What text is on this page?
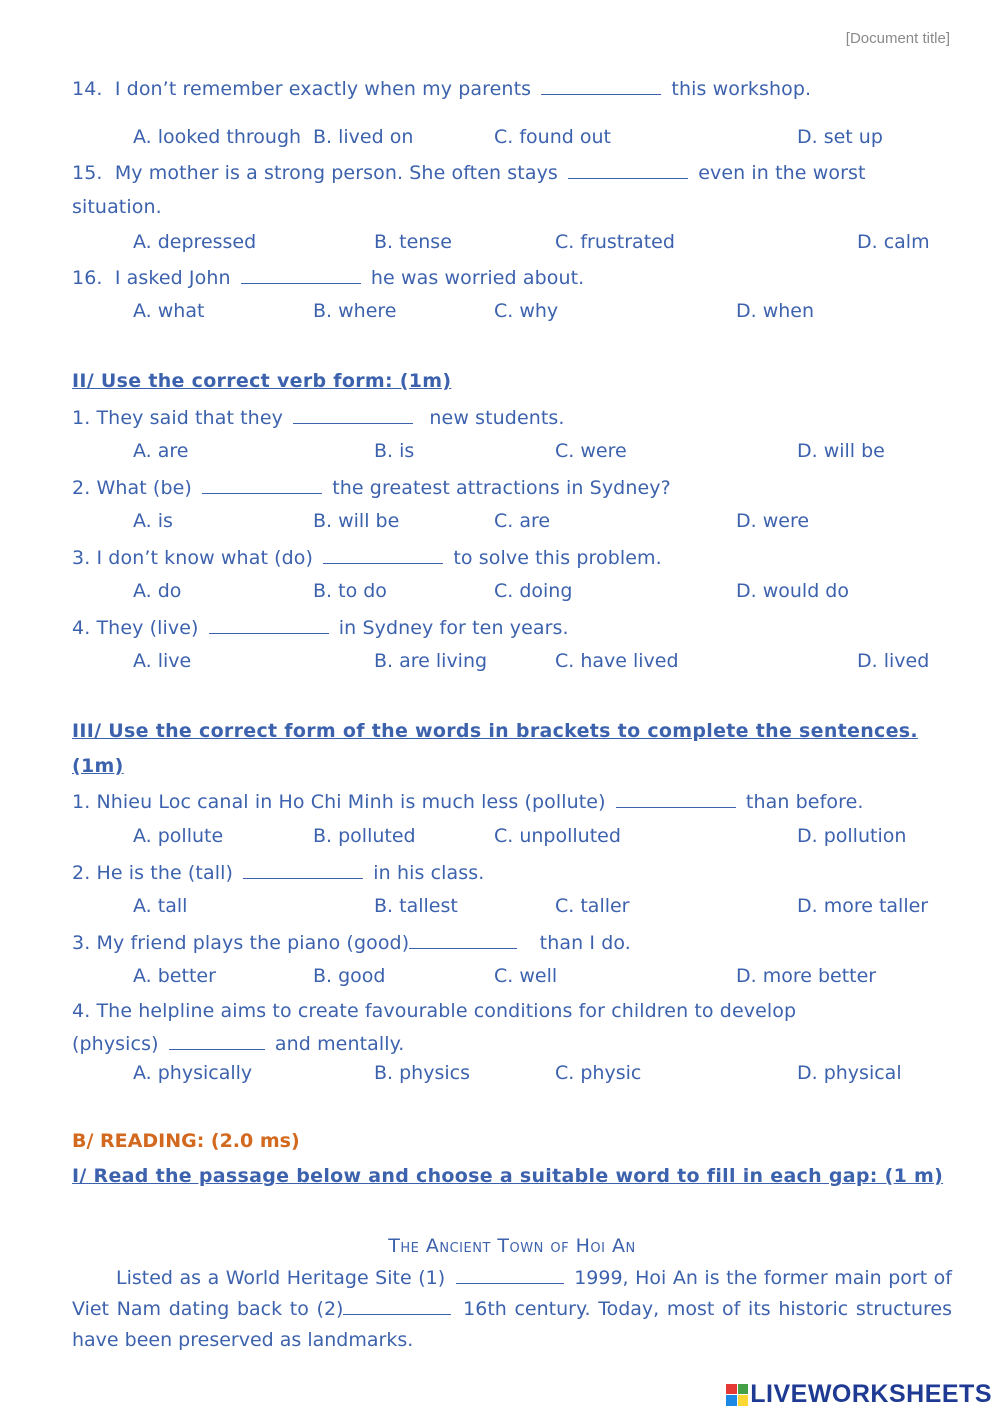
[Document title]
14. I don’t remember exactly when my parents	this workshop.
A. looked through B. lived on	C. found out	D. set up
15. My mother is a strong person. She often stays	even in the worst
situation.
A. depressed	B. tense	C. frustrated	D. calm
16. I asked John	he was worried about.
A. what	B. where	C. why	D. when
II/ Use the correct verb form: (1m)
1. They said that they	new students.
A. are	B. is	C. were	D. will be
2. What (be)	the greatest attractions in Sydney?
A. is	B. will be	C. are	D. were
3. I don’t know what (do)	to solve this problem.
A. do	B. to do	C. doing	D. would do
4. They (live)	in Sydney for ten years.
A. live	B. are living	C. have lived	D. lived
III/ Use the correct form of the words in brackets to complete the sentences.
(1m)
1. Nhieu Loc canal in Ho Chi Minh is much less (pollute)	than before.
A. pollute	B. polluted	C. unpolluted	D. pollution
2. He is the (tall)	in his class.
A. tall	B. tallest	C. taller	D. more taller
3. My friend plays the piano (good)	than I do.
A. better	B. good	C. well	D. more better
4. The helpline aims to create favourable conditions for children to develop
(physics)	and mentally.
A. physically	B. physics	C. physic	D. physical
B/ READING: (2.0 ms)
I/ Read the passage below and choose a suitable word to fill in each gap: (1 m)
The Ancient Town of Hoi An
Listed as a World Heritage Site (1)	1999, Hoi An is the former main port of Viet Nam dating back to (2)	16th century. Today, most of its historic structures have been preserved as landmarks.
LIVEWORKSHEETS
